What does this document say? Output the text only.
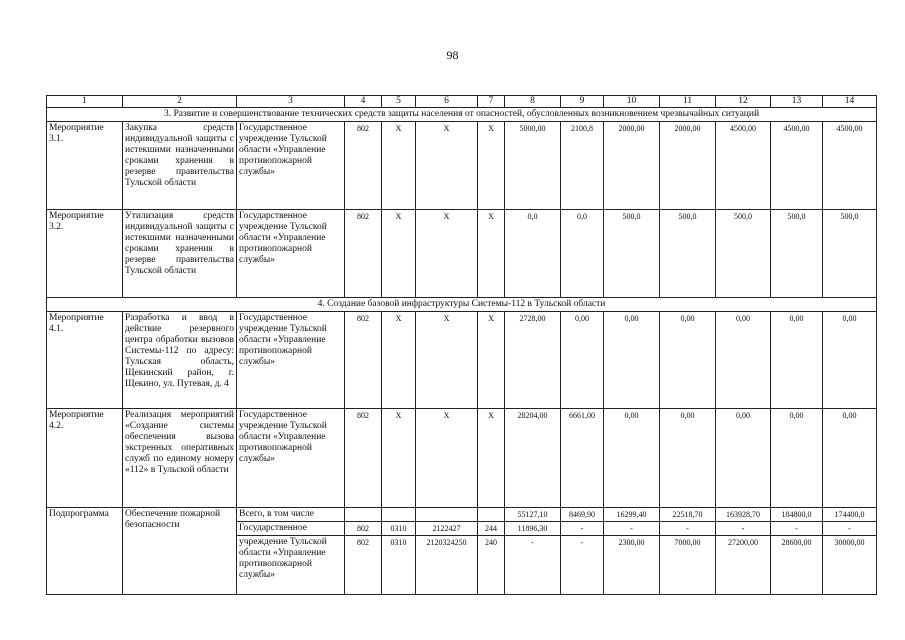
98
1	2	3	4	5	6	7	8	9	10	11	12	13	14
3. Развитие и совершенствование технических средств защиты населения от опасностей, обусловленных возникновением чрезвычайных ситуаций													
Мероприятие 3.1.	Закупка средств индивидуальной защиты с истекшими назначенными сроками хранения в резерве правительства Тульской области	Государственное учреждение Тульской области «Управление противопожарной службы»	802	X	X	X	5000,00	2100,8	2000,00	2000,00	4500,00	4500,00	4500,00
Мероприятие 3.2.	Утилизация средств индивидуальной защиты с истекшими назначенными сроками хранения в резерве правительства Тульской области	Государственное учреждение Тульской области «Управление противопожарной службы»	802	X	X	X	0,0	0,0	500,0	500,0	500,0	500,0	500,0
4. Создание базовой инфраструктуры Системы-112 в Тульской области													
Мероприятие 4.1.	Разработка и ввод в действие резервного центра обработки вызовов Системы-112 по адресу: Тульская область, Щекинский район, г. Щекино, ул. Путевая, д. 4	Государственное учреждение Тульской области «Управление противопожарной службы»	802	X	X	X	2728,00	0,00	0,00	0,00	0,00	0,00	0,00
Мероприятие 4.2.	Реализация мероприятий «Создание системы обеспечения вызова экстренных оперативных служб по единому номеру «112» в Тульской области	Государственное учреждение Тульской области «Управление противопожарной службы»	802	X	X	X	28204,00	6661,00	0,00	0,00	0,00	0,00	0,00
Подпрограмма	Обеспечение пожарной безопасности	Всего, в том числе					55127,10	8469,90	16299,40	22518,70	163928,70	184800,0	174400,0
		Государственное	802	0310	2122427	244	11896,30	-	-	-	-	-	-
		учреждение Тульской области «Управление противопожарной службы»	802	0310	2120324250	240	-	-	2300,00	7000,00	27200,00	28600,00	30000,00
